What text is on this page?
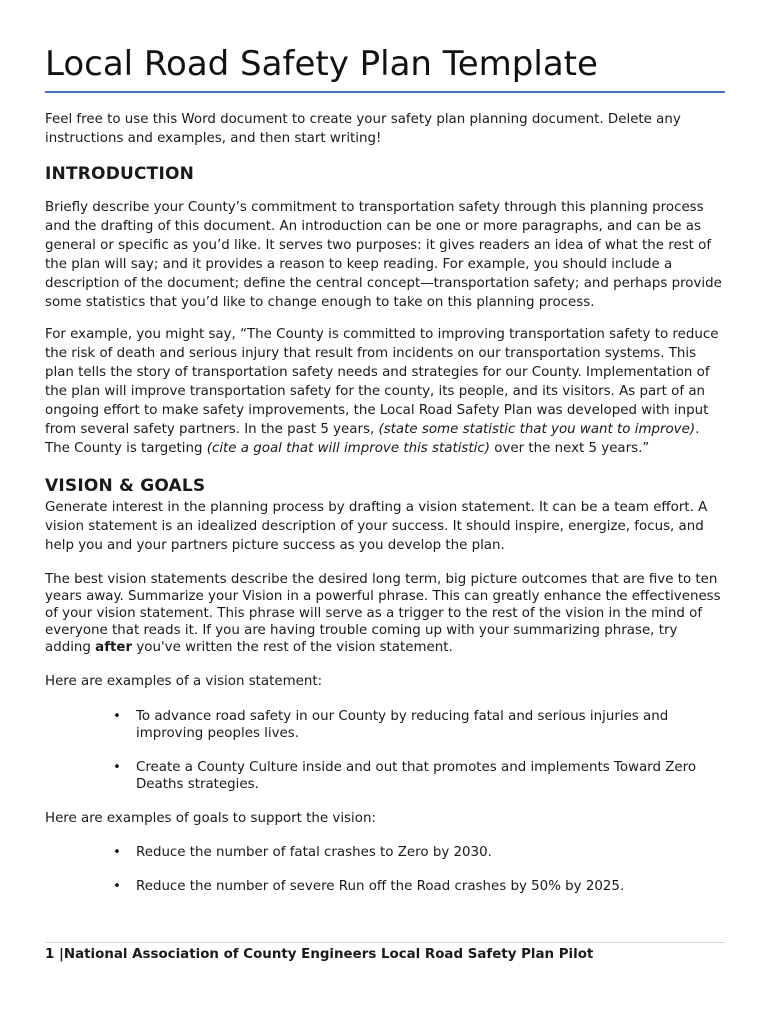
Local Road Safety Plan Template

Feel free to use this Word document to create your safety plan planning document. Delete any instructions and examples, and then start writing!

INTRODUCTION

Briefly describe your County’s commitment to transportation safety through this planning process and the drafting of this document. An introduction can be one or more paragraphs, and can be as general or specific as you’d like. It serves two purposes: it gives readers an idea of what the rest of the plan will say; and it provides a reason to keep reading. For example, you should include a description of the document; define the central concept—transportation safety; and perhaps provide some statistics that you’d like to change enough to take on this planning process.

For example, you might say, “The County is committed to improving transportation safety to reduce the risk of death and serious injury that result from incidents on our transportation systems. This plan tells the story of transportation safety needs and strategies for our County. Implementation of the plan will improve transportation safety for the county, its people, and its visitors. As part of an ongoing effort to make safety improvements, the Local Road Safety Plan was developed with input from several safety partners. In the past 5 years, (state some statistic that you want to improve). The County is targeting (cite a goal that will improve this statistic) over the next 5 years.”

VISION & GOALS

Generate interest in the planning process by drafting a vision statement. It can be a team effort. A vision statement is an idealized description of your success. It should inspire, energize, focus, and help you and your partners picture success as you develop the plan.

The best vision statements describe the desired long term, big picture outcomes that are five to ten years away. Summarize your Vision in a powerful phrase. This can greatly enhance the effectiveness of your vision statement. This phrase will serve as a trigger to the rest of the vision in the mind of everyone that reads it. If you are having trouble coming up with your summarizing phrase, try adding after you've written the rest of the vision statement.

Here are examples of a vision statement:

• To advance road safety in our County by reducing fatal and serious injuries and improving peoples lives.
• Create a County Culture inside and out that promotes and implements Toward Zero Deaths strategies.

Here are examples of goals to support the vision:

• Reduce the number of fatal crashes to Zero by 2030.
• Reduce the number of severe Run off the Road crashes by 50% by 2025.
1 |National Association of County Engineers Local Road Safety Plan Pilot
